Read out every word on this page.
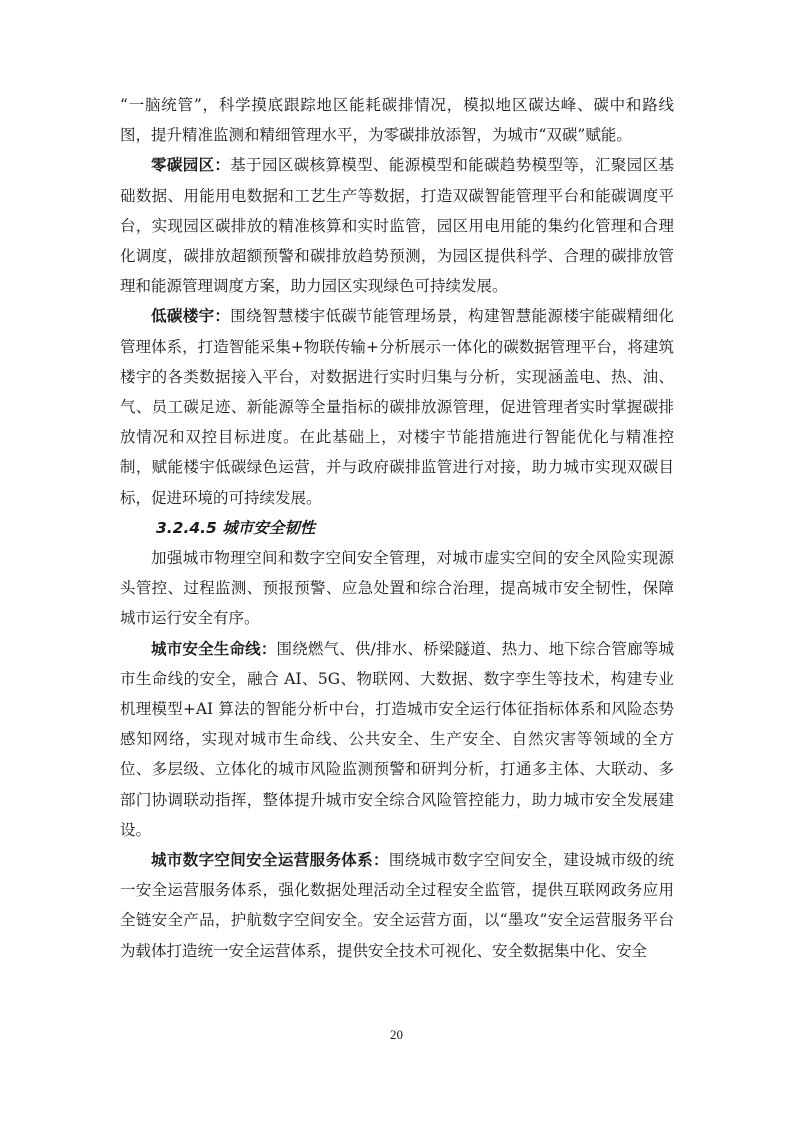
“一脑统管”，科学摸底跟踪地区能耗碳排情况，模拟地区碳达峰、碳中和路线图，提升精准监测和精细管理水平，为零碳排放添智，为城市“双碳”赋能。

零碳园区：基于园区碳核算模型、能源模型和能碳趋势模型等，汇聚园区基础数据、用能用电数据和工艺生产等数据，打造双碳智能管理平台和能碳调度平台，实现园区碳排放的精准核算和实时监管，园区用电用能的集约化管理和合理化调度，碳排放超额预警和碳排放趋势预测，为园区提供科学、合理的碳排放管理和能源管理调度方案，助力园区实现绿色可持续发展。

低碳楼宇：围绕智慧楼宇低碳节能管理场景，构建智慧能源楼宇能碳精细化管理体系，打造智能采集+物联传输+分析展示一体化的碳数据管理平台，将建筑楼宇的各类数据接入平台，对数据进行实时归集与分析，实现涵盖电、热、油、气、员工碳足迹、新能源等全量指标的碳排放源管理，促进管理者实时掌握碳排放情况和双控目标进度。在此基础上，对楼宇节能措施进行智能优化与精准控制，赋能楼宇低碳绿色运营，并与政府碳排监管进行对接，助力城市实现双碳目标，促进环境的可持续发展。

3.2.4.5 城市安全韧性

加强城市物理空间和数字空间安全管理，对城市虚实空间的安全风险实现源头管控、过程监测、预报预警、应急处置和综合治理，提高城市安全韧性，保障城市运行安全有序。

城市安全生命线：围绕燃气、供/排水、桥梁隧道、热力、地下综合管廊等城市生命线的安全，融合 AI、5G、物联网、大数据、数字孪生等技术，构建专业机理模型+AI 算法的智能分析中台，打造城市安全运行体征指标体系和风险态势感知网络，实现对城市生命线、公共安全、生产安全、自然灾害等领域的全方位、多层级、立体化的城市风险监测预警和研判分析，打通多主体、大联动、多部门协调联动指挥，整体提升城市安全综合风险管控能力，助力城市安全发展建设。

城市数字空间安全运营服务体系：围绕城市数字空间安全，建设城市级的统一安全运营服务体系，强化数据处理活动全过程安全监管，提供互联网政务应用全链安全产品，护航数字空间安全。安全运营方面，以“墨攻”安全运营服务平台为载体打造统一安全运营体系，提供安全技术可视化、安全数据集中化、安全

20
